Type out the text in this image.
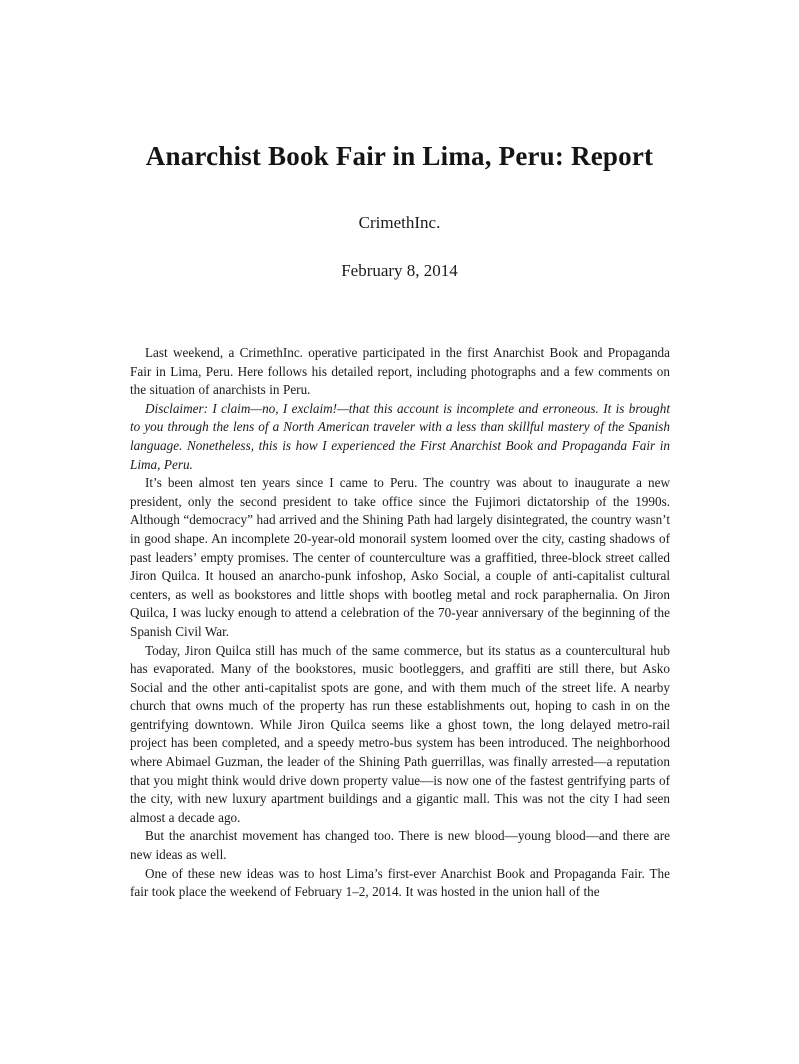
Anarchist Book Fair in Lima, Peru: Report
CrimethInc.
February 8, 2014

Last weekend, a CrimethInc. operative participated in the first Anarchist Book and Propaganda Fair in Lima, Peru. Here follows his detailed report, including photographs and a few comments on the situation of anarchists in Peru.

Disclaimer: I claim—no, I exclaim!—that this account is incomplete and erroneous. It is brought to you through the lens of a North American traveler with a less than skillful mastery of the Spanish language. Nonetheless, this is how I experienced the First Anarchist Book and Propaganda Fair in Lima, Peru.

It’s been almost ten years since I came to Peru. The country was about to inaugurate a new president, only the second president to take office since the Fujimori dictatorship of the 1990s. Although “democracy” had arrived and the Shining Path had largely disintegrated, the country wasn’t in good shape. An incomplete 20-year-old monorail system loomed over the city, casting shadows of past leaders’ empty promises. The center of counterculture was a graffitied, three-block street called Jiron Quilca. It housed an anarcho-punk infoshop, Asko Social, a couple of anti-capitalist cultural centers, as well as bookstores and little shops with bootleg metal and rock paraphernalia. On Jiron Quilca, I was lucky enough to attend a celebration of the 70-year anniversary of the beginning of the Spanish Civil War.

Today, Jiron Quilca still has much of the same commerce, but its status as a countercultural hub has evaporated. Many of the bookstores, music bootleggers, and graffiti are still there, but Asko Social and the other anti-capitalist spots are gone, and with them much of the street life. A nearby church that owns much of the property has run these establishments out, hoping to cash in on the gentrifying downtown. While Jiron Quilca seems like a ghost town, the long delayed metro-rail project has been completed, and a speedy metro-bus system has been introduced. The neighborhood where Abimael Guzman, the leader of the Shining Path guerrillas, was finally arrested—a reputation that you might think would drive down property value—is now one of the fastest gentrifying parts of the city, with new luxury apartment buildings and a gigantic mall. This was not the city I had seen almost a decade ago.

But the anarchist movement has changed too. There is new blood—young blood—and there are new ideas as well.

One of these new ideas was to host Lima’s first-ever Anarchist Book and Propaganda Fair. The fair took place the weekend of February 1–2, 2014. It was hosted in the union hall of the
